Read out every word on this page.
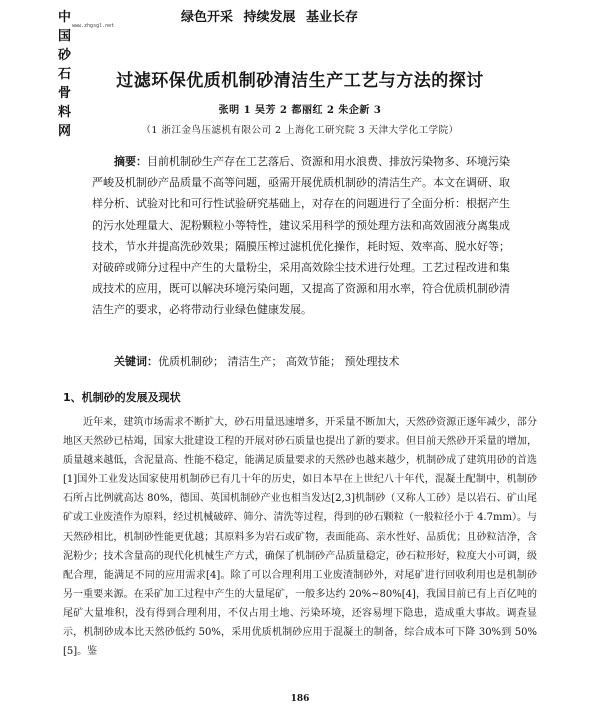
中国砂石骨料网
www.zhgsgl.net
绿色开采 持续发展 基业长存
过滤环保优质机制砂清洁生产工艺与方法的探讨
张明 1 吴芳 2 都丽红 2 朱企新 3
（1 浙江金鸟压滤机有限公司 2 上海化工研究院 3 天津大学化工学院）
摘要：目前机制砂生产存在工艺落后、资源和用水浪费、排放污染物多、环境污染严峻及机制砂产品质量不高等问题，亟需开展优质机制砂的清洁生产。本文在调研、取样分析、试验对比和可行性试验研究基础上，对存在的问题进行了全面分析：根据产生的污水处理量大、泥粉颗粒小等特性，建议采用科学的预处理方法和高效固液分离集成技术，节水并提高洗砂效果；隔膜压榨过滤机优化操作，耗时短、效率高、脱水好等；对破碎或筛分过程中产生的大量粉尘，采用高效除尘技术进行处理。工艺过程改进和集成技术的应用，既可以解决环境污染问题，又提高了资源和用水率，符合优质机制砂清洁生产的要求，必将带动行业绿色健康发展。
关键词：优质机制砂； 清洁生产； 高效节能； 预处理技术
1、机制砂的发展及现状
近年来，建筑市场需求不断扩大，砂石用量迅速增多，开采量不断加大，天然砂资源正逐年减少，部分地区天然砂已枯竭，国家大批建设工程的开展对砂石质量也提出了新的要求。但目前天然砂开采量的增加，质量越来越低，含泥量高、性能不稳定，能满足质量要求的天然砂也越来越少，机制砂成了建筑用砂的首选[1]国外工业发达国家使用机制砂已有几十年的历史，如日本早在上世纪八十年代，混凝土配制中，机制砂石所占比例就高达 80%，德国、英国机制砂产业也相当发达[2,3]机制砂（又称人工砂）是以岩石、矿山尾矿或工业废渣作为原料，经过机械破碎、筛分、清洗等过程，得到的砂石颗粒（一般粒径小于 4.7mm）。与天然砂相比，机制砂性能更优越；其原料多为岩石或矿物，表面能高、亲水性好、品质优；且砂粒洁净，含泥粉少；技术含量高的现代化机械生产方式，确保了机制砂产品质量稳定，砂石粒形好，粒度大小可调，级配合理，能满足不同的应用需求[4]。除了可以合理利用工业废渣制砂外，对尾矿进行回收利用也是机制砂另一重要来源。在采矿加工过程中产生的大量尾矿，一般多达约 20%~80%[4]，我国目前已有上百亿吨的尾矿大量堆积，没有得到合理利用，不仅占用土地、污染环境，还容易埋下隐患，造成重大事故。调查显示，机制砂成本比天然砂低约 50%，采用优质机制砂应用于混凝土的制备，综合成本可下降 30%到 50%[5]。鉴
186
